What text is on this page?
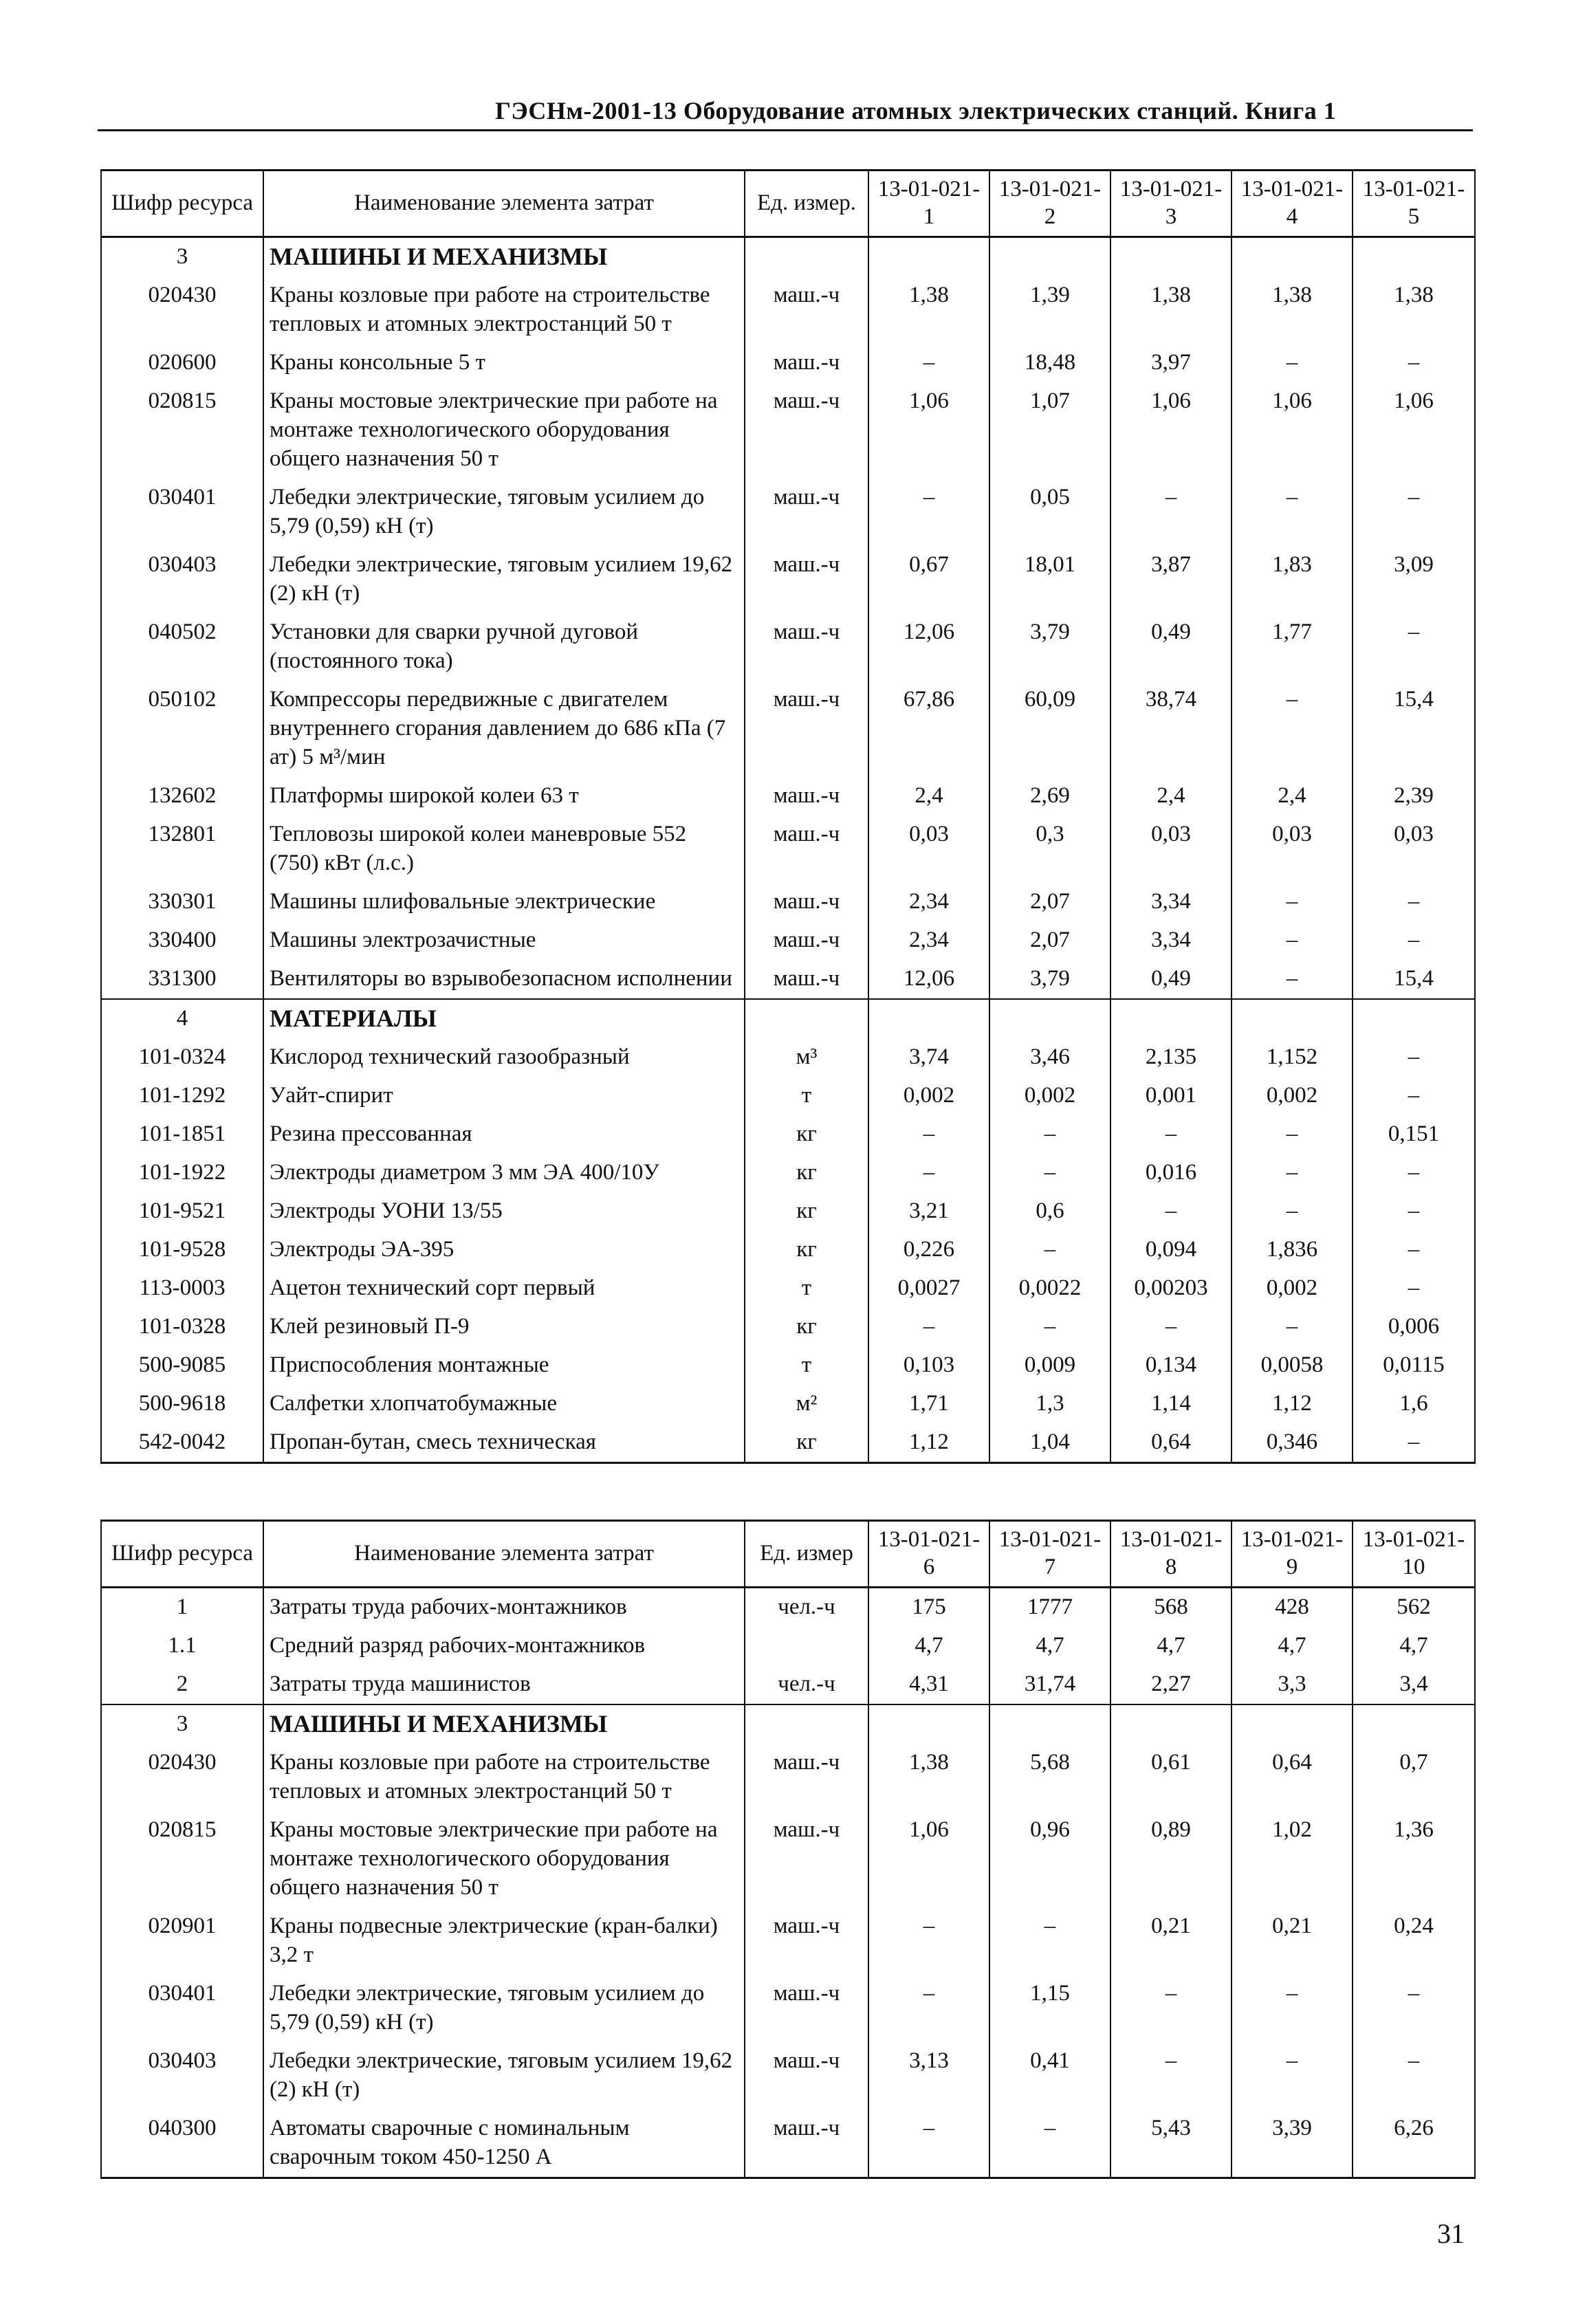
ГЭСНм-2001-13 Оборудование атомных электрических станций. Книга 1
Шифр ресурса	Наименование элемента затрат	Ед. измер.	13-01-021-1	13-01-021-2	13-01-021-3	13-01-021-4	13-01-021-5
3	МАШИНЫ И МЕХАНИЗМЫ						
020430	Краны козловые при работе на строительстве тепловых и атомных электростанций 50 т	маш.-ч	1,38	1,39	1,38	1,38	1,38
020600	Краны консольные 5 т	маш.-ч	–	18,48	3,97	–	–
020815	Краны мостовые электрические при работе на монтаже технологического оборудования общего назначения 50 т	маш.-ч	1,06	1,07	1,06	1,06	1,06
030401	Лебедки электрические, тяговым усилием до 5,79 (0,59) кН (т)	маш.-ч	–	0,05	–	–	–
030403	Лебедки электрические, тяговым усилием 19,62 (2) кН (т)	маш.-ч	0,67	18,01	3,87	1,83	3,09
040502	Установки для сварки ручной дуговой (постоянного тока)	маш.-ч	12,06	3,79	0,49	1,77	–
050102	Компрессоры передвижные с двигателем внутреннего сгорания давлением до 686 кПа (7 ат) 5 м³/мин	маш.-ч	67,86	60,09	38,74	–	15,4
132602	Платформы широкой колеи 63 т	маш.-ч	2,4	2,69	2,4	2,4	2,39
132801	Тепловозы широкой колеи маневровые 552 (750) кВт (л.с.)	маш.-ч	0,03	0,3	0,03	0,03	0,03
330301	Машины шлифовальные электрические	маш.-ч	2,34	2,07	3,34	–	–
330400	Машины электрозачистные	маш.-ч	2,34	2,07	3,34	–	–
331300	Вентиляторы во взрывобезопасном исполнении	маш.-ч	12,06	3,79	0,49	–	15,4
4	МАТЕРИАЛЫ						
101-0324	Кислород технический газообразный	м³	3,74	3,46	2,135	1,152	–
101-1292	Уайт-спирит	т	0,002	0,002	0,001	0,002	–
101-1851	Резина прессованная	кг	–	–	–	–	0,151
101-1922	Электроды диаметром 3 мм ЭА 400/10У	кг	–	–	0,016	–	–
101-9521	Электроды УОНИ 13/55	кг	3,21	0,6	–	–	–
101-9528	Электроды ЭА-395	кг	0,226	–	0,094	1,836	–
113-0003	Ацетон технический сорт первый	т	0,0027	0,0022	0,00203	0,002	–
101-0328	Клей резиновый П-9	кг	–	–	–	–	0,006
500-9085	Приспособления монтажные	т	0,103	0,009	0,134	0,0058	0,0115
500-9618	Салфетки хлопчатобумажные	м²	1,71	1,3	1,14	1,12	1,6
542-0042	Пропан-бутан, смесь техническая	кг	1,12	1,04	0,64	0,346	–
Шифр ресурса	Наименование элемента затрат	Ед. измер	13-01-021-6	13-01-021-7	13-01-021-8	13-01-021-9	13-01-021-10
1	Затраты труда рабочих-монтажников	чел.-ч	175	1777	568	428	562
1.1	Средний разряд рабочих-монтажников		4,7	4,7	4,7	4,7	4,7
2	Затраты труда машинистов	чел.-ч	4,31	31,74	2,27	3,3	3,4
3	МАШИНЫ И МЕХАНИЗМЫ						
020430	Краны козловые при работе на строительстве тепловых и атомных электростанций 50 т	маш.-ч	1,38	5,68	0,61	0,64	0,7
020815	Краны мостовые электрические при работе на монтаже технологического оборудования общего назначения 50 т	маш.-ч	1,06	0,96	0,89	1,02	1,36
020901	Краны подвесные электрические (кран-балки) 3,2 т	маш.-ч	–	–	0,21	0,21	0,24
030401	Лебедки электрические, тяговым усилием до 5,79 (0,59) кН (т)	маш.-ч	–	1,15	–	–	–
030403	Лебедки электрические, тяговым усилием 19,62 (2) кН (т)	маш.-ч	3,13	0,41	–	–	–
040300	Автоматы сварочные с номинальным сварочным током 450-1250 А	маш.-ч	–	–	5,43	3,39	6,26
31
